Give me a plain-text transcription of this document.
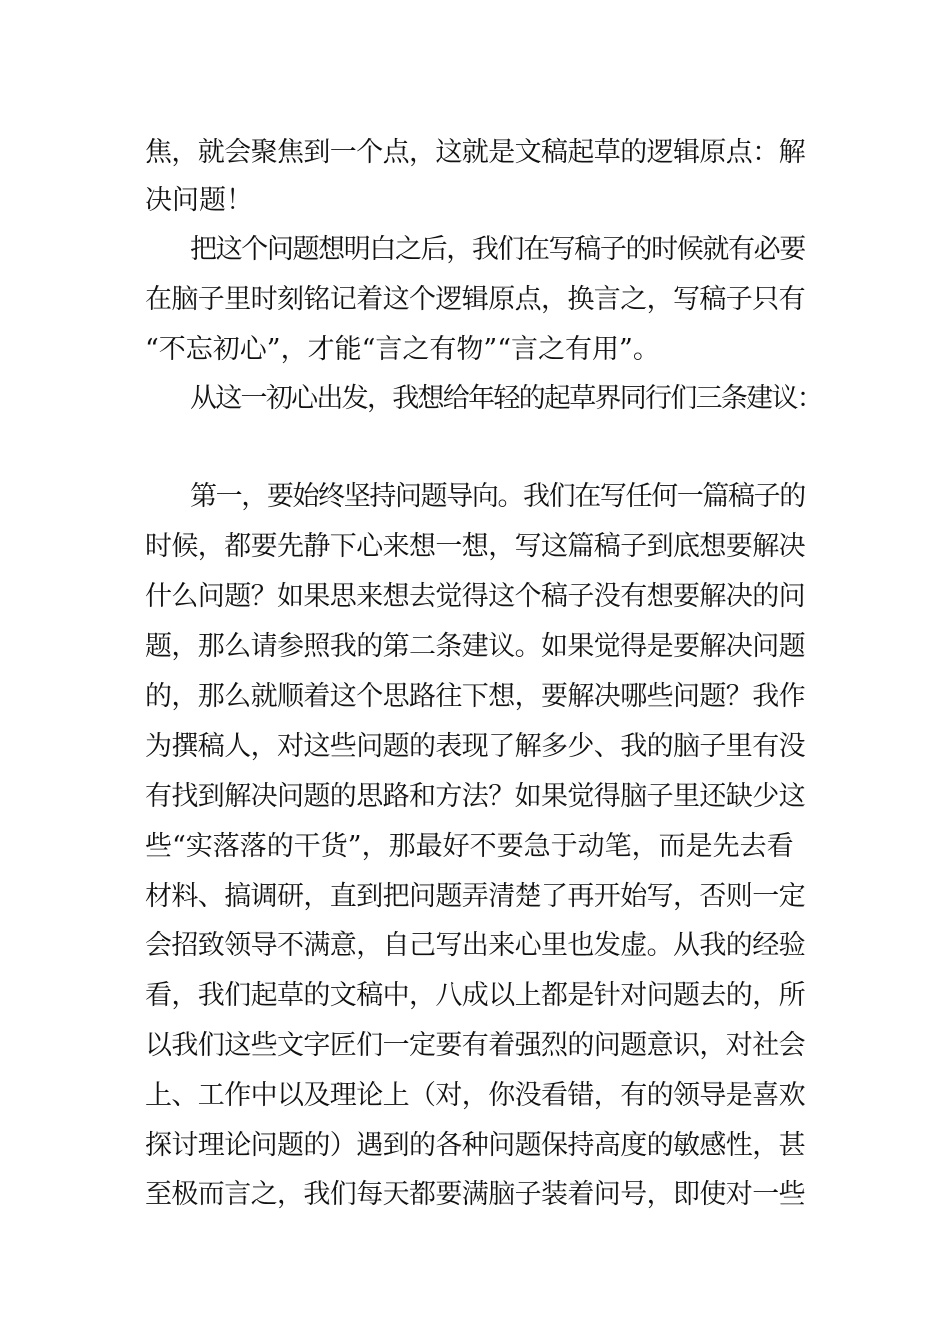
焦，就会聚焦到一个点，这就是文稿起草的逻辑原点：解
决问题！
把这个问题想明白之后，我们在写稿子的时候就有必要
在脑子里时刻铭记着这个逻辑原点，换言之，写稿子只有
“不忘初心”，才能“言之有物”“言之有用”。
从这一初心出发，我想给年轻的起草界同行们三条建议：
第一，要始终坚持问题导向。我们在写任何一篇稿子的
时候，都要先静下心来想一想，写这篇稿子到底想要解决
什么问题？如果思来想去觉得这个稿子没有想要解决的问
题，那么请参照我的第二条建议。如果觉得是要解决问题
的，那么就顺着这个思路往下想，要解决哪些问题？我作
为撰稿人，对这些问题的表现了解多少、我的脑子里有没
有找到解决问题的思路和方法？如果觉得脑子里还缺少这
些“实落落的干货”，那最好不要急于动笔，而是先去看
材料、搞调研，直到把问题弄清楚了再开始写，否则一定
会招致领导不满意，自己写出来心里也发虚。从我的经验
看，我们起草的文稿中，八成以上都是针对问题去的，所
以我们这些文字匠们一定要有着强烈的问题意识，对社会
上、工作中以及理论上（对，你没看错，有的领导是喜欢
探讨理论问题的）遇到的各种问题保持高度的敏感性，甚
至极而言之，我们每天都要满脑子装着问号，即使对一些
